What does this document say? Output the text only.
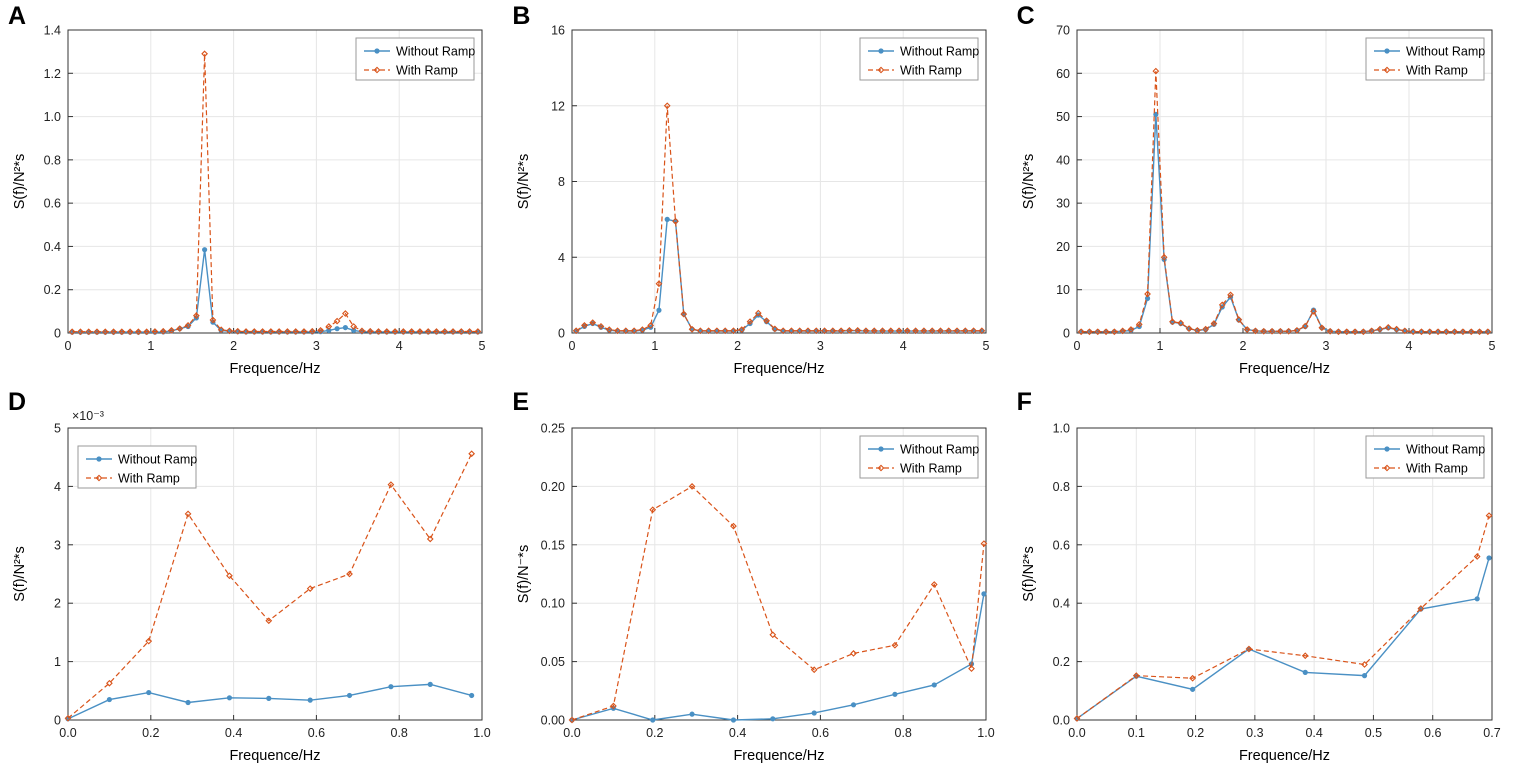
A
0	1	2	3	4	5
0
0.2
0.4
0.6
0.8
1.0
1.2
1.4
Frequence/Hz
S(f)/N²*s
Without Ramp
With Ramp
B
0	1	2	3	4	5
0
4
8
12
16
Frequence/Hz
S(f)/N²*s
Without Ramp
With Ramp
C
0	1	2	3	4	5
0
10
20
30
40
50
60
70
Frequence/Hz
S(f)/N²*s
Without Ramp
With Ramp
D
0.0	0.2	0.4	0.6	0.8	1.0
0
1
2
3
4
5
×10⁻³
Frequence/Hz
S(f)/N²*s
Without Ramp
With Ramp
E
0.0	0.2	0.4	0.6	0.8	1.0
0.00
0.05
0.10
0.15
0.20
0.25
Frequence/Hz
S(f)/N⁻*s
Without Ramp
With Ramp
F
0.0	0.1	0.2	0.3	0.4	0.5	0.6	0.7
0.0
0.2
0.4
0.6
0.8
1.0
Frequence/Hz
S(f)/N²*s
Without Ramp
With Ramp
